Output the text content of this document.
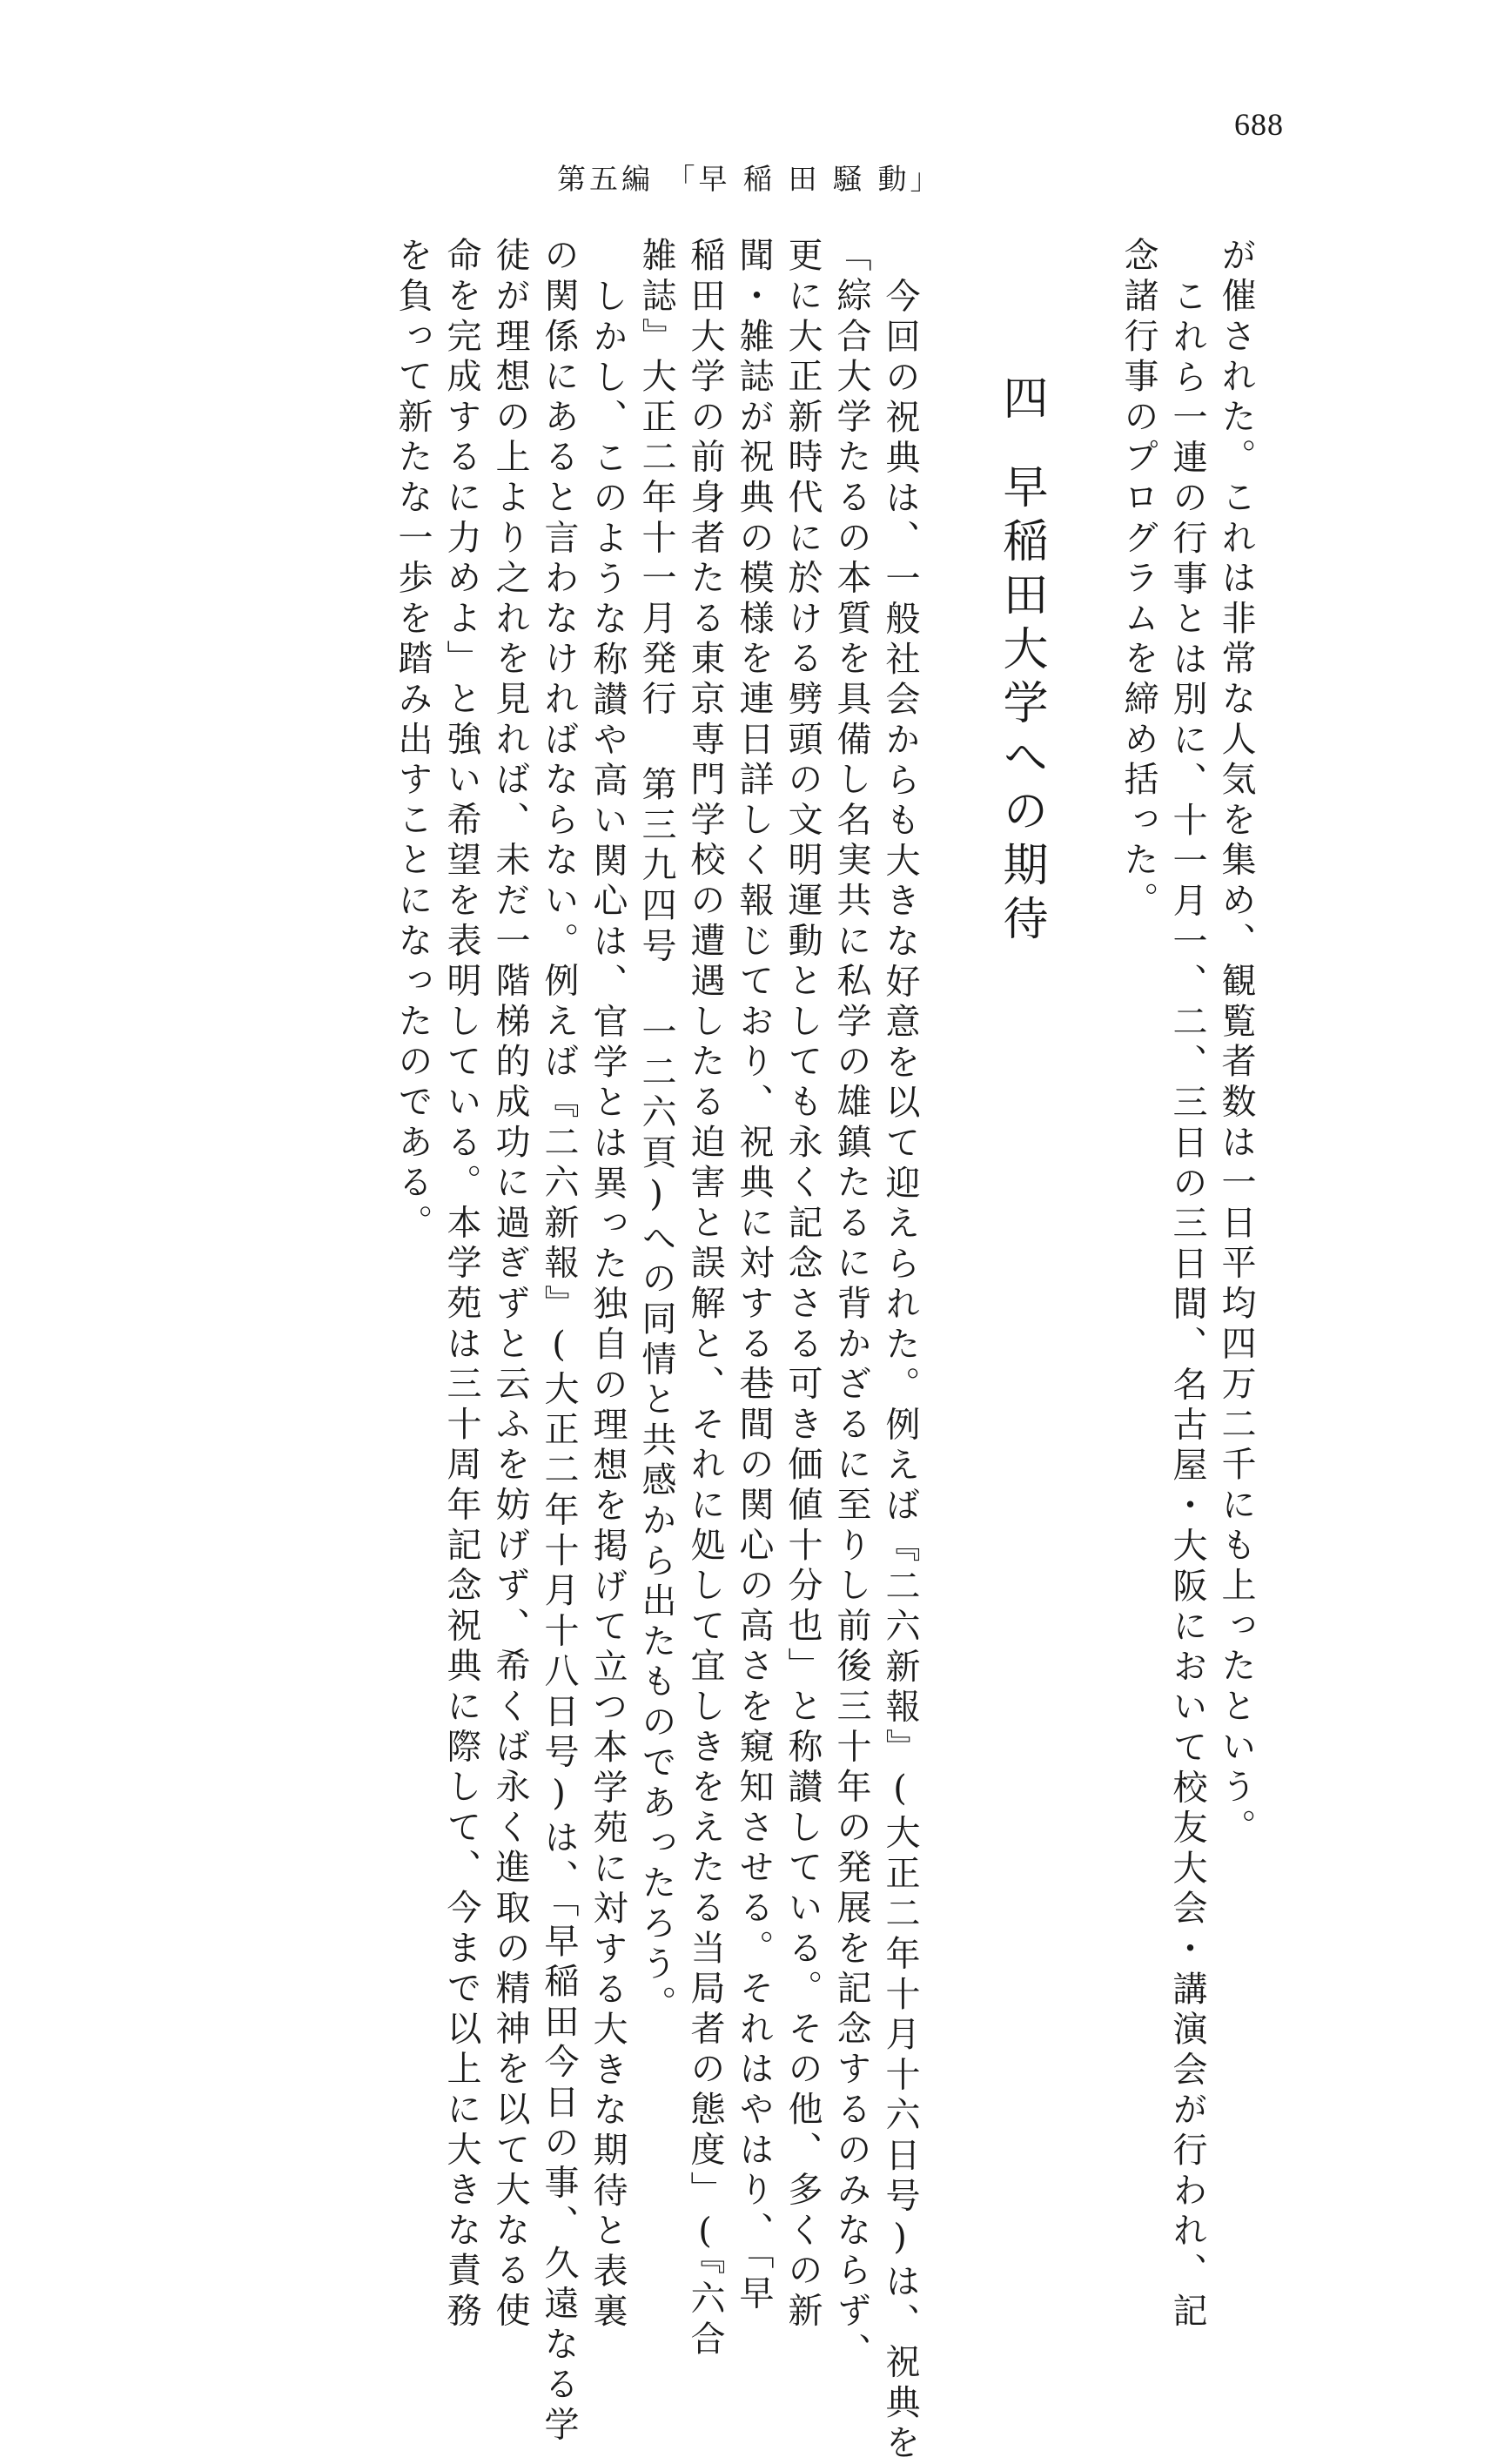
688
第五編 「早 稲 田 騒 動」
が催された。これは非常な人気を集め、観覧者数は一日平均四万二千にも上ったという。
これら一連の行事とは別に、十一月一、二、三日の三日間、名古屋・大阪において校友大会・講演会が行われ、記
念諸行事のプログラムを締め括った。
四早稲田大学への期待
今回の祝典は、一般社会からも大きな好意を以て迎えられた。例えば『二六新報』(大正二年十月十六日号)は、祝典を
「綜合大学たるの本質を具備し名実共に私学の雄鎮たるに背かざるに至りし前後三十年の発展を記念するのみならず、
更に大正新時代に於ける劈頭の文明運動としても永く記念さる可き価値十分也」と称讃している。その他、多くの新
聞・雑誌が祝典の模様を連日詳しく報じており、祝典に対する巷間の関心の高さを窺知させる。それはやはり、「早
稲田大学の前身者たる東京専門学校の遭遇したる迫害と誤解と、それに処して宜しきをえたる当局者の態度」(『六合
雑誌』大正二年十一月発行 第三九四号 一二六頁)への同情と共感から出たものであったろう。
しかし、このような称讃や高い関心は、官学とは異った独自の理想を掲げて立つ本学苑に対する大きな期待と表裏
の関係にあると言わなければならない。例えば『二六新報』(大正二年十月十八日号)は、「早稲田今日の事、久遠なる学
徒が理想の上より之れを見れば、未だ一階梯的成功に過ぎずと云ふを妨げず、希くば永く進取の精神を以て大なる使
命を完成するに力めよ」と強い希望を表明している。本学苑は三十周年記念祝典に際して、今まで以上に大きな責務
を負って新たな一歩を踏み出すことになったのである。
